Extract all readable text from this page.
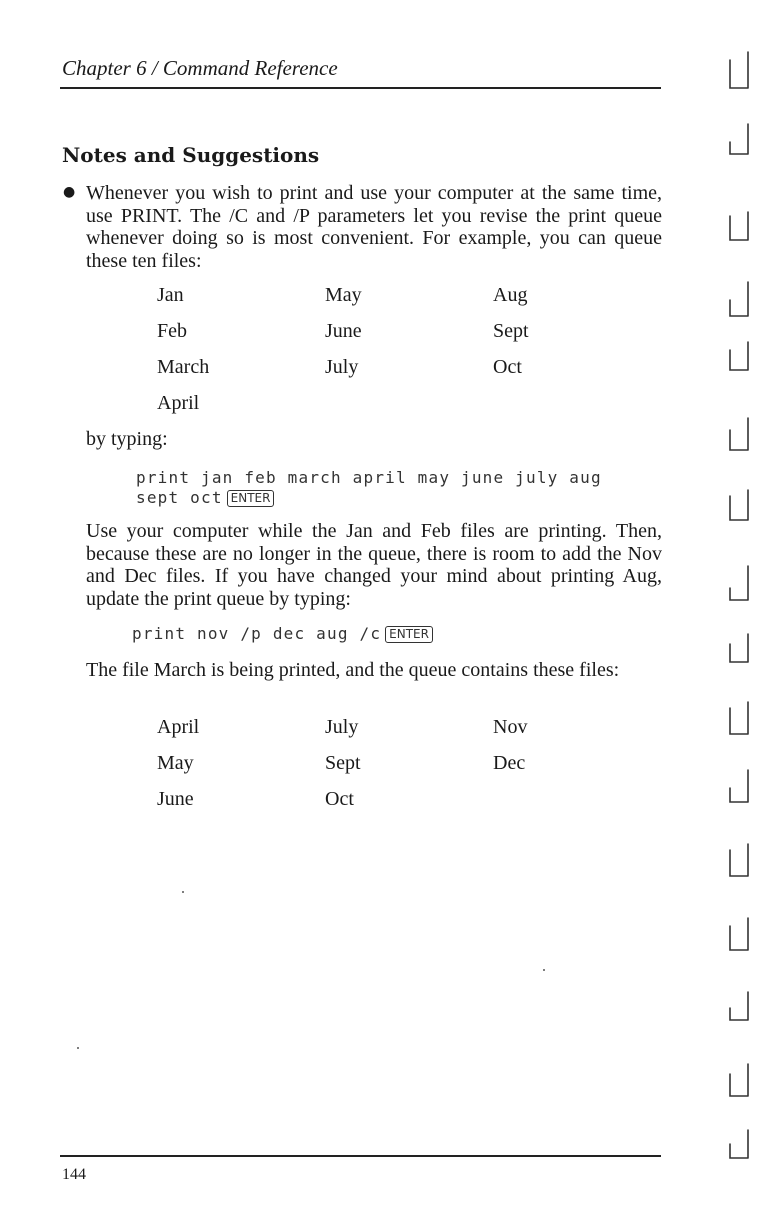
Chapter 6 / Command Reference
Notes and Suggestions
● Whenever you wish to print and use your computer at the same time, use PRINT. The /C and /P parameters let you revise the print queue whenever doing so is most convenient. For example, you can queue these ten files:
Jan	May	Aug
Feb	June	Sept
March	July	Oct
April
by typing:
print jan feb march april may june july aug
sept oct ENTER
Use your computer while the Jan and Feb files are printing. Then, because these are no longer in the queue, there is room to add the Nov and Dec files. If you have changed your mind about printing Aug, update the print queue by typing:
print nov /p dec aug /c ENTER
The file March is being printed, and the queue contains these files:
April	July	Nov
May	Sept	Dec
June	Oct
144
